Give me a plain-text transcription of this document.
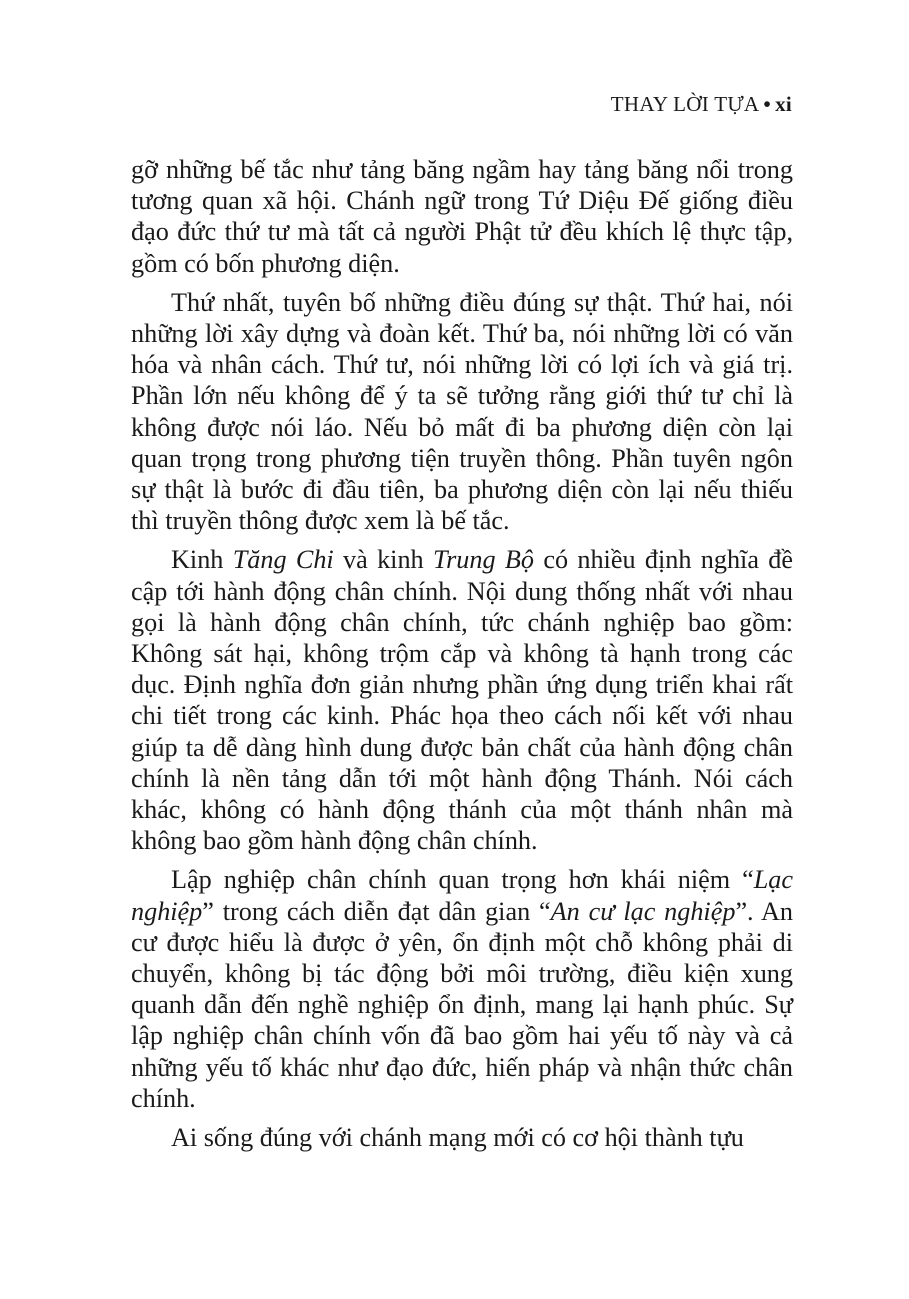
THAY LỜI TỰA • xi

gỡ những bế tắc như tảng băng ngầm hay tảng băng nổi trong tương quan xã hội. Chánh ngữ trong Tứ Diệu Đế giống điều đạo đức thứ tư mà tất cả người Phật tử đều khích lệ thực tập, gồm có bốn phương diện.

Thứ nhất, tuyên bố những điều đúng sự thật. Thứ hai, nói những lời xây dựng và đoàn kết. Thứ ba, nói những lời có văn hóa và nhân cách. Thứ tư, nói những lời có lợi ích và giá trị. Phần lớn nếu không để ý ta sẽ tưởng rằng giới thứ tư chỉ là không được nói láo. Nếu bỏ mất đi ba phương diện còn lại quan trọng trong phương tiện truyền thông. Phần tuyên ngôn sự thật là bước đi đầu tiên, ba phương diện còn lại nếu thiếu thì truyền thông được xem là bế tắc.

Kinh Tăng Chi và kinh Trung Bộ có nhiều định nghĩa đề cập tới hành động chân chính. Nội dung thống nhất với nhau gọi là hành động chân chính, tức chánh nghiệp bao gồm: Không sát hại, không trộm cắp và không tà hạnh trong các dục. Định nghĩa đơn giản nhưng phần ứng dụng triển khai rất chi tiết trong các kinh. Phác họa theo cách nối kết với nhau giúp ta dễ dàng hình dung được bản chất của hành động chân chính là nền tảng dẫn tới một hành động Thánh. Nói cách khác, không có hành động thánh của một thánh nhân mà không bao gồm hành động chân chính.

Lập nghiệp chân chính quan trọng hơn khái niệm “Lạc nghiệp” trong cách diễn đạt dân gian “An cư lạc nghiệp”. An cư được hiểu là được ở yên, ổn định một chỗ không phải di chuyển, không bị tác động bởi môi trường, điều kiện xung quanh dẫn đến nghề nghiệp ổn định, mang lại hạnh phúc. Sự lập nghiệp chân chính vốn đã bao gồm hai yếu tố này và cả những yếu tố khác như đạo đức, hiến pháp và nhận thức chân chính.

Ai sống đúng với chánh mạng mới có cơ hội thành tựu
